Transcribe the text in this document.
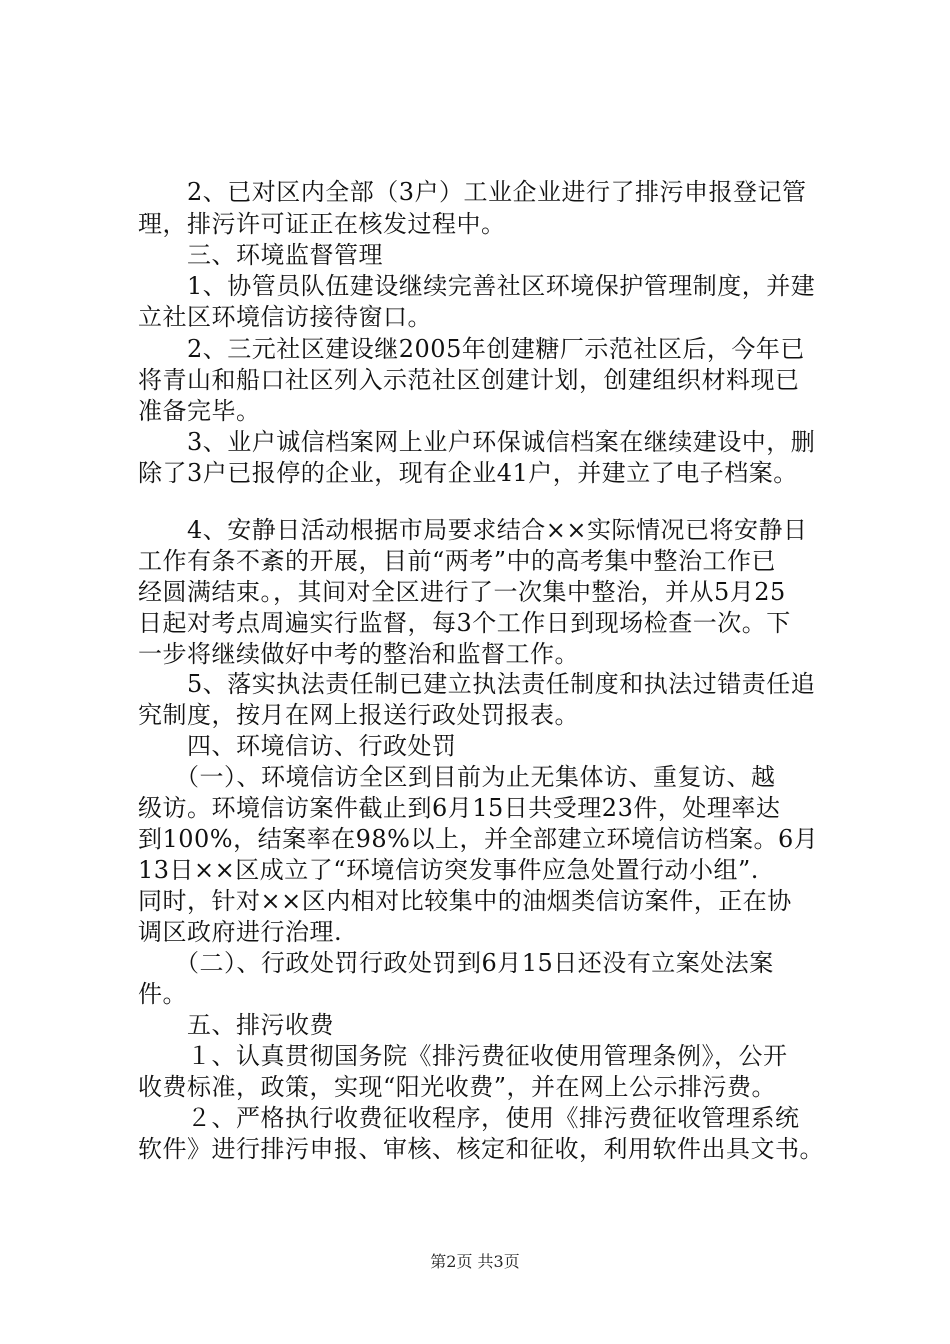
　　2、已对区内全部（3户）工业企业进行了排污申报登记管
理，排污许可证正在核发过程中。
　　三、环境监督管理
　　1、协管员队伍建设继续完善社区环境保护管理制度，并建
立社区环境信访接待窗口。
　　2、三元社区建设继2005年创建糖厂示范社区后，今年已
将青山和船口社区列入示范社区创建计划，创建组织材料现已
准备完毕。
　　3、业户诚信档案网上业户环保诚信档案在继续建设中，删
除了3户已报停的企业，现有企业41户，并建立了电子档案。
　　4、安静日活动根据市局要求结合××实际情况已将安静日
工作有条不紊的开展，目前“两考”中的高考集中整治工作已
经圆满结束。，其间对全区进行了一次集中整治，并从5月25
日起对考点周遍实行监督，每3个工作日到现场检查一次。下
一步将继续做好中考的整治和监督工作。
　　5、落实执法责任制已建立执法责任制度和执法过错责任追
究制度，按月在网上报送行政处罚报表。
　　四、环境信访、行政处罚
　　（一）、环境信访全区到目前为止无集体访、重复访、越
级访。环境信访案件截止到6月15日共受理23件，处理率达
到100%，结案率在98%以上，并全部建立环境信访档案。6月
13日××区成立了“环境信访突发事件应急处置行动小组”.
同时，针对××区内相对比较集中的油烟类信访案件，正在协
调区政府进行治理.
　　（二）、行政处罚行政处罚到6月15日还没有立案处法案
件。
　　五、排污收费
　　１、认真贯彻国务院《排污费征收使用管理条例》，公开
收费标准，政策，实现“阳光收费”，并在网上公示排污费。
　　２、严格执行收费征收程序，使用《排污费征收管理系统
软件》进行排污申报、审核、核定和征收，利用软件出具文书。
第2页 共3页
